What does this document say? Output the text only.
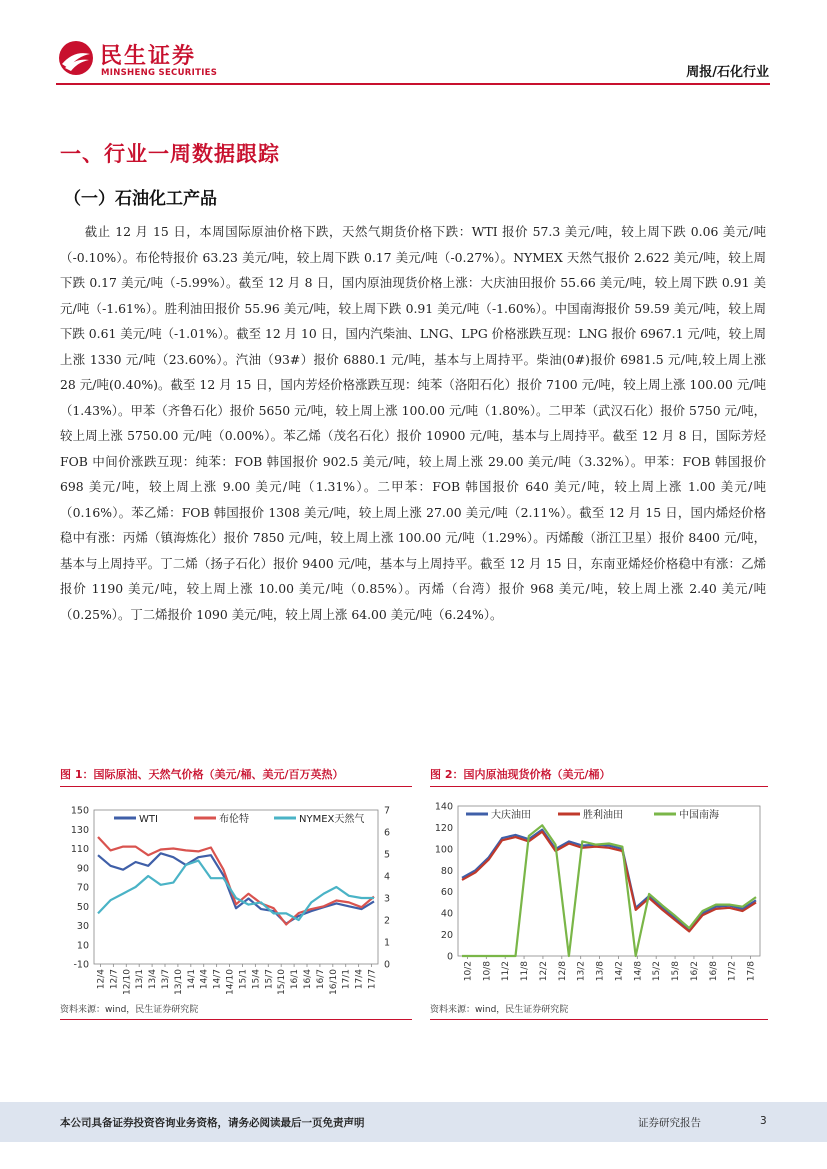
民生证券
MINSHENG SECURITIES	周报/石化行业
一、行业一周数据跟踪
（一）石油化工产品

截止 12 月 15 日，本周国际原油价格下跌，天然气期货价格下跌：WTI 报价 57.3 美元/吨，较上周下跌 0.06 美元/吨（-0.10%）。布伦特报价 63.23 美元/吨，较上周下跌 0.17 美元/吨（-0.27%）。NYMEX 天然气报价 2.622 美元/吨，较上周下跌 0.17 美元/吨（-5.99%）。截至 12 月 8 日，国内原油现货价格上涨：大庆油田报价 55.66 美元/吨，较上周下跌 0.91 美元/吨（-1.61%）。胜利油田报价 55.96 美元/吨，较上周下跌 0.91 美元/吨（-1.60%）。中国南海报价 59.59 美元/吨，较上周下跌 0.61 美元/吨（-1.01%）。截至 12 月 10 日，国内汽柴油、LNG、LPG 价格涨跌互现：LNG 报价 6967.1 元/吨，较上周上涨 1330 元/吨（23.60%）。汽油（93#）报价 6880.1 元/吨，基本与上周持平。柴油(0#)报价 6981.5 元/吨,较上周上涨 28 元/吨(0.40%)。截至 12 月 15 日，国内芳烃价格涨跌互现：纯苯（洛阳石化）报价 7100 元/吨，较上周上涨 100.00 元/吨（1.43%）。甲苯（齐鲁石化）报价 5650 元/吨，较上周上涨 100.00 元/吨（1.80%）。二甲苯（武汉石化）报价 5750 元/吨，较上周上涨 5750.00 元/吨（0.00%）。苯乙烯（茂名石化）报价 10900 元/吨，基本与上周持平。截至 12 月 8 日，国际芳烃 FOB 中间价涨跌互现：纯苯：FOB 韩国报价 902.5 美元/吨，较上周上涨 29.00 美元/吨（3.32%）。甲苯：FOB 韩国报价 698 美元/吨，较上周上涨 9.00 美元/吨（1.31%）。二甲苯：FOB 韩国报价 640 美元/吨，较上周上涨 1.00 美元/吨（0.16%）。苯乙烯：FOB 韩国报价 1308 美元/吨，较上周上涨 27.00 美元/吨（2.11%）。截至 12 月 15 日，国内烯烃价格稳中有涨：丙烯（镇海炼化）报价 7850 元/吨，较上周上涨 100.00 元/吨（1.29%）。丙烯酸（浙江卫星）报价 8400 元/吨，基本与上周持平。丁二烯（扬子石化）报价 9400 元/吨，基本与上周持平。截至 12 月 15 日，东南亚烯烃价格稳中有涨：乙烯报价 1190 美元/吨，较上周上涨 10.00 美元/吨（0.85%）。丙烯（台湾）报价 968 美元/吨，较上周上涨 2.40 美元/吨（0.25%）。丁二烯报价 1090 美元/吨，较上周上涨 64.00 美元/吨（6.24%）。

图 1：国际原油、天然气价格（美元/桶、美元/百万英热）
-10
10
30
50
70
90
110
130
150
0
1
2
3
4
5
6
7
12/4 12/7 12/10 13/1 13/4 13/7 13/10 14/1 14/4 14/7 14/10 15/1 15/4 15/7 15/10 16/1 16/4 16/7 16/10 17/1 17/4 17/7
WTI	布伦特	NYMEX天然气
资料来源：wind，民生证券研究院
图 2：国内原油现货价格（美元/桶）
0
20
40
60
80
100
120
140
10/2 10/8 11/2 11/8 12/2 12/8 13/2 13/8 14/2 14/8 15/2 15/8 16/2 16/8 17/2 17/8
大庆油田	胜利油田	中国南海
资料来源：wind，民生证券研究院
本公司具备证券投资咨询业务资格，请务必阅读最后一页免责声明	证券研究报告	3
